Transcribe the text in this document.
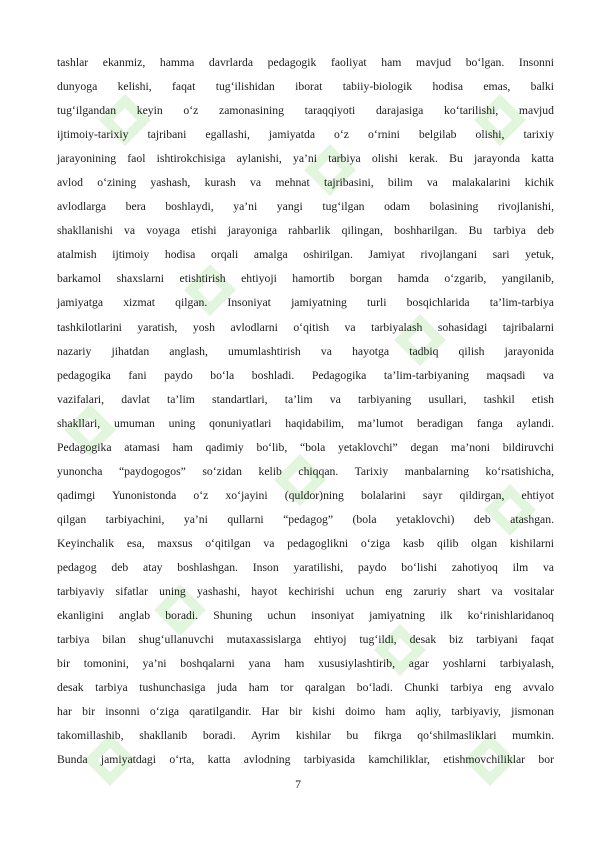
tashlar ekanmiz, hamma davrlarda pedagogik faoliyat ham mavjud bo‘lgan. Insonni
dunyoga kelishi, faqat tug‘ilishidan iborat tabiiy-biologik hodisa emas, balki
tug‘ilgandan keyin o‘z zamonasining taraqqiyoti darajasiga ko‘tarilishi, mavjud
ijtimoiy-tarixiy tajribani egallashi, jamiyatda o‘z o‘rnini belgilab olishi, tarixiy
jarayonining faol ishtirokchisiga aylanishi, ya’ni tarbiya olishi kerak. Bu jarayonda katta
avlod o‘zining yashash, kurash va mehnat tajribasini, bilim va malakalarini kichik
avlodlarga bera boshlaydi, ya’ni yangi tug‘ilgan odam bolasining rivojlanishi,
shakllanishi va voyaga etishi jarayoniga rahbarlik qilingan, boshharilgan. Bu tarbiya deb
atalmish ijtimoiy hodisa orqali amalga oshirilgan. Jamiyat rivojlangani sari yetuk,
barkamol shaxslarni etishtirish ehtiyoji hamortib borgan hamda o‘zgarib, yangilanib,
jamiyatga xizmat qilgan. Insoniyat jamiyatning turli bosqichlarida ta’lim-tarbiya
tashkilotlarini yaratish, yosh avlodlarni o‘qitish va tarbiyalash sohasidagi tajribalarni
nazariy jihatdan anglash, umumlashtirish va hayotga tadbiq qilish jarayonida
pedagogika fani paydo bo‘la boshladi. Pedagogika ta’lim-tarbiyaning maqsadi va
vazifalari, davlat ta’lim standartlari, ta’lim va tarbiyaning usullari, tashkil etish
shakllari, umuman uning qonuniyatlari haqidabilim, ma’lumot beradigan fanga aylandi.
Pedagogika atamasi ham qadimiy bo‘lib, “bola yetaklovchi” degan ma’noni bildiruvchi
yunoncha “paydogogos” so‘zidan kelib chiqqan. Tarixiy manbalarning ko‘rsatishicha,
qadimgi Yunonistonda o‘z xo‘jayini (quldor)ning bolalarini sayr qildirgan, ehtiyot
qilgan tarbiyachini, ya’ni qullarni “pedagog” (bola yetaklovchi) deb atashgan.
Keyinchalik esa, maxsus o‘qitilgan va pedagoglikni o‘ziga kasb qilib olgan kishilarni
pedagog deb atay boshlashgan. Inson yaratilishi, paydo bo‘lishi zahotiyoq ilm va
tarbiyaviy sifatlar uning yashashi, hayot kechirishi uchun eng zaruriy shart va vositalar
ekanligini anglab boradi. Shuning uchun insoniyat jamiyatning ilk ko‘rinishlaridanoq
tarbiya bilan shug‘ullanuvchi mutaxassislarga ehtiyoj tug‘ildi, desak biz tarbiyani faqat
bir tomonini, ya’ni boshqalarni yana ham xususiylashtirib, agar yoshlarni tarbiyalash,
desak tarbiya tushunchasiga juda ham tor qaralgan bo‘ladi. Chunki tarbiya eng avvalo
har bir insonni o‘ziga qaratilgandir. Har bir kishi doimo ham aqliy, tarbiyaviy, jismonan
takomillashib, shakllanib boradi. Ayrim kishilar bu fikrga qo‘shilmasliklari mumkin.
Bunda jamiyatdagi o‘rta, katta avlodning tarbiyasida kamchiliklar, etishmovchiliklar bor
7
